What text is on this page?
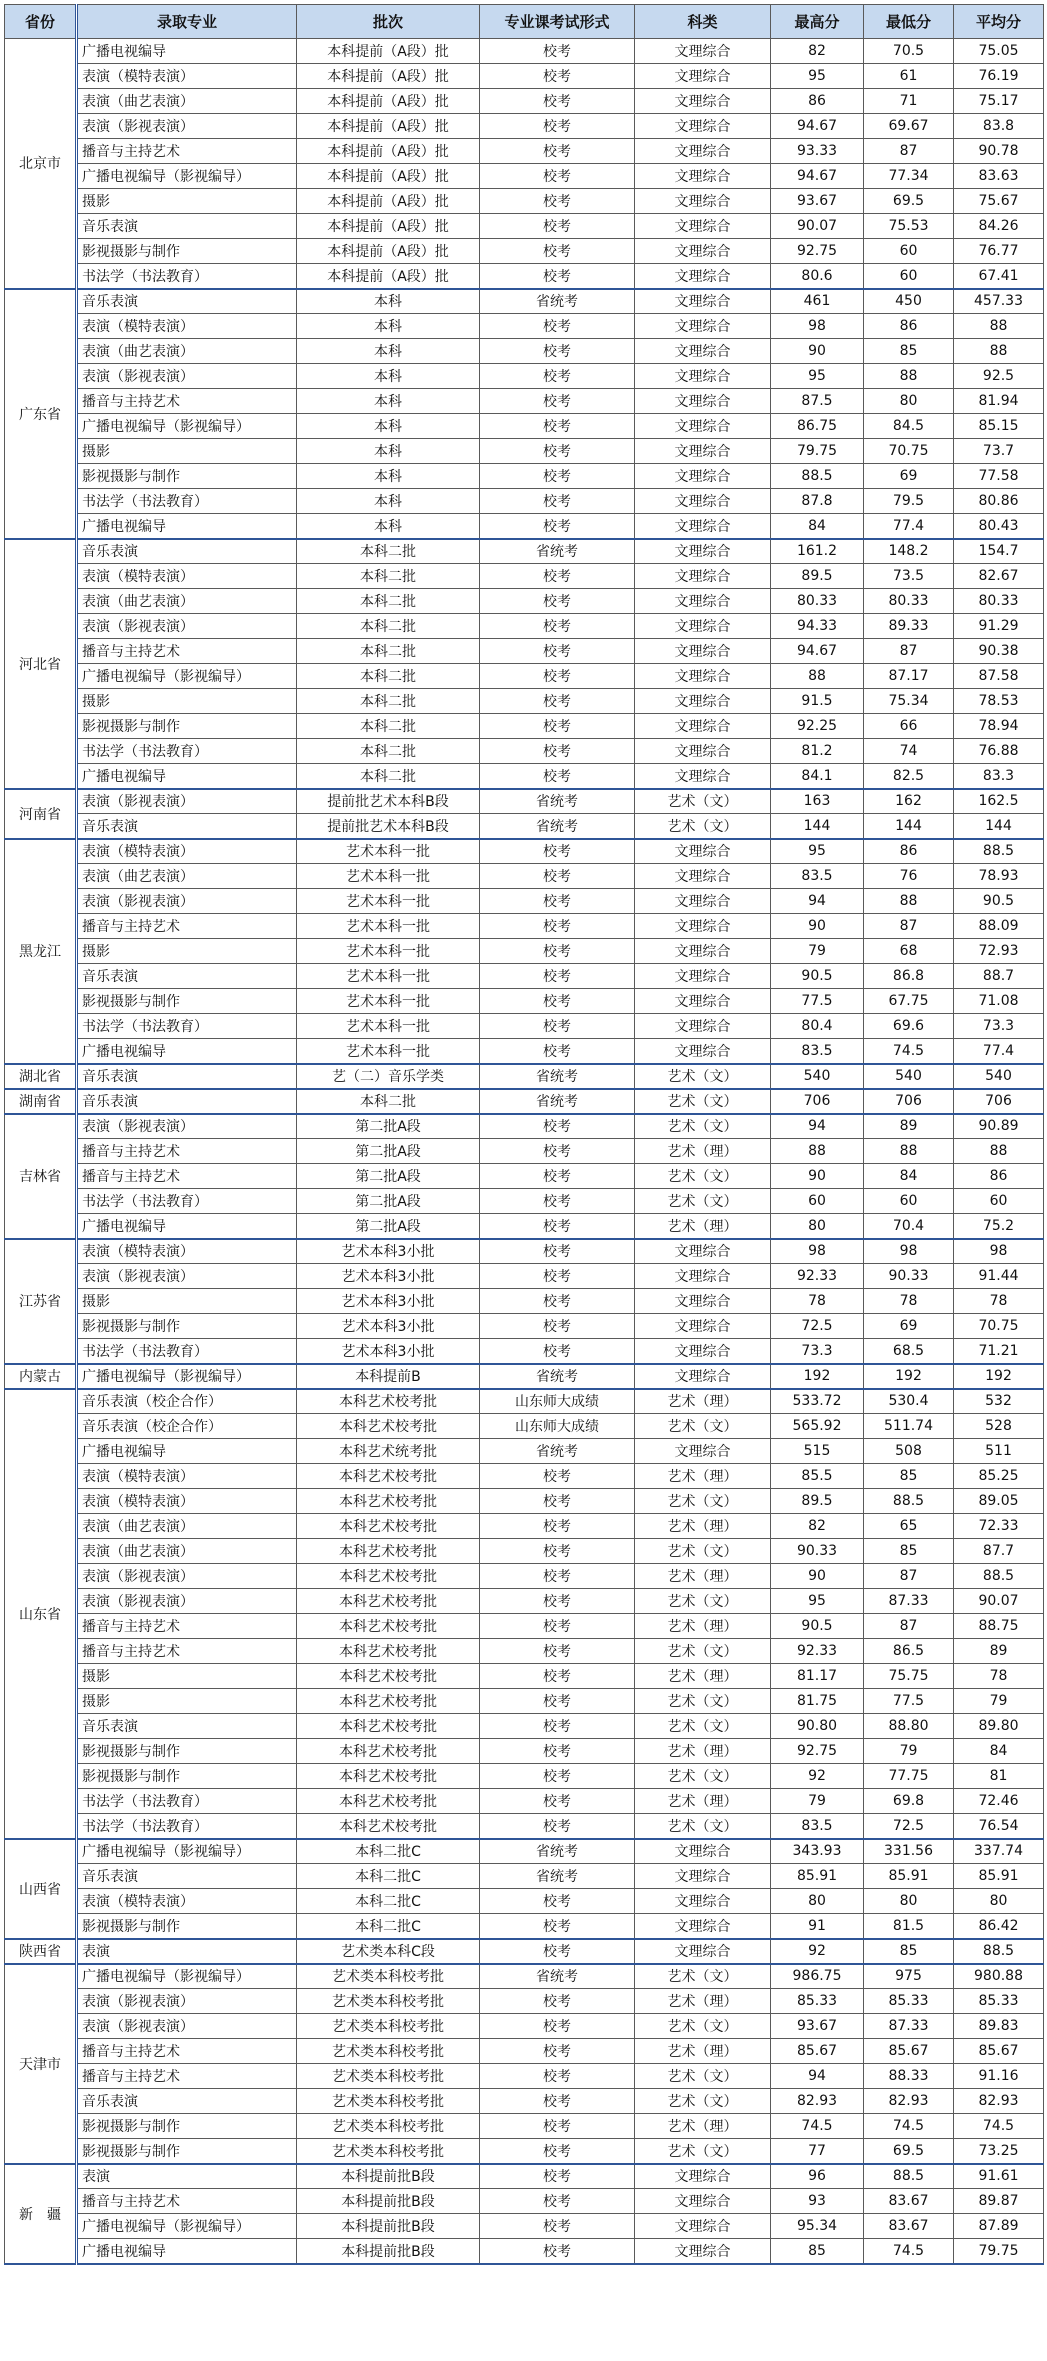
省份	录取专业	批次	专业课考试形式	科类	最高分	最低分	平均分
北京市	广播电视编导	本科提前（A段）批	校考	文理综合	82	70.5	75.05
	表演（模特表演）	本科提前（A段）批	校考	文理综合	95	61	76.19
	表演（曲艺表演）	本科提前（A段）批	校考	文理综合	86	71	75.17
	表演（影视表演）	本科提前（A段）批	校考	文理综合	94.67	69.67	83.8
	播音与主持艺术	本科提前（A段）批	校考	文理综合	93.33	87	90.78
	广播电视编导（影视编导）	本科提前（A段）批	校考	文理综合	94.67	77.34	83.63
	摄影	本科提前（A段）批	校考	文理综合	93.67	69.5	75.67
	音乐表演	本科提前（A段）批	校考	文理综合	90.07	75.53	84.26
	影视摄影与制作	本科提前（A段）批	校考	文理综合	92.75	60	76.77
	书法学（书法教育）	本科提前（A段）批	校考	文理综合	80.6	60	67.41
广东省	音乐表演	本科	省统考	文理综合	461	450	457.33
	表演（模特表演）	本科	校考	文理综合	98	86	88
	表演（曲艺表演）	本科	校考	文理综合	90	85	88
	表演（影视表演）	本科	校考	文理综合	95	88	92.5
	播音与主持艺术	本科	校考	文理综合	87.5	80	81.94
	广播电视编导（影视编导）	本科	校考	文理综合	86.75	84.5	85.15
	摄影	本科	校考	文理综合	79.75	70.75	73.7
	影视摄影与制作	本科	校考	文理综合	88.5	69	77.58
	书法学（书法教育）	本科	校考	文理综合	87.8	79.5	80.86
	广播电视编导	本科	校考	文理综合	84	77.4	80.43
河北省	音乐表演	本科二批	省统考	文理综合	161.2	148.2	154.7
	表演（模特表演）	本科二批	校考	文理综合	89.5	73.5	82.67
	表演（曲艺表演）	本科二批	校考	文理综合	80.33	80.33	80.33
	表演（影视表演）	本科二批	校考	文理综合	94.33	89.33	91.29
	播音与主持艺术	本科二批	校考	文理综合	94.67	87	90.38
	广播电视编导（影视编导）	本科二批	校考	文理综合	88	87.17	87.58
	摄影	本科二批	校考	文理综合	91.5	75.34	78.53
	影视摄影与制作	本科二批	校考	文理综合	92.25	66	78.94
	书法学（书法教育）	本科二批	校考	文理综合	81.2	74	76.88
	广播电视编导	本科二批	校考	文理综合	84.1	82.5	83.3
河南省	表演（影视表演）	提前批艺术本科B段	省统考	艺术（文）	163	162	162.5
	音乐表演	提前批艺术本科B段	省统考	艺术（文）	144	144	144
黑龙江	表演（模特表演）	艺术本科一批	校考	文理综合	95	86	88.5
	表演（曲艺表演）	艺术本科一批	校考	文理综合	83.5	76	78.93
	表演（影视表演）	艺术本科一批	校考	文理综合	94	88	90.5
	播音与主持艺术	艺术本科一批	校考	文理综合	90	87	88.09
	摄影	艺术本科一批	校考	文理综合	79	68	72.93
	音乐表演	艺术本科一批	校考	文理综合	90.5	86.8	88.7
	影视摄影与制作	艺术本科一批	校考	文理综合	77.5	67.75	71.08
	书法学（书法教育）	艺术本科一批	校考	文理综合	80.4	69.6	73.3
	广播电视编导	艺术本科一批	校考	文理综合	83.5	74.5	77.4
湖北省	音乐表演	艺（二）音乐学类	省统考	艺术（文）	540	540	540
湖南省	音乐表演	本科二批	省统考	艺术（文）	706	706	706
吉林省	表演（影视表演）	第二批A段	校考	艺术（文）	94	89	90.89
	播音与主持艺术	第二批A段	校考	艺术（理）	88	88	88
	播音与主持艺术	第二批A段	校考	艺术（文）	90	84	86
	书法学（书法教育）	第二批A段	校考	艺术（文）	60	60	60
	广播电视编导	第二批A段	校考	艺术（理）	80	70.4	75.2
江苏省	表演（模特表演）	艺术本科3小批	校考	文理综合	98	98	98
	表演（影视表演）	艺术本科3小批	校考	文理综合	92.33	90.33	91.44
	摄影	艺术本科3小批	校考	文理综合	78	78	78
	影视摄影与制作	艺术本科3小批	校考	文理综合	72.5	69	70.75
	书法学（书法教育）	艺术本科3小批	校考	文理综合	73.3	68.5	71.21
内蒙古	广播电视编导（影视编导）	本科提前B	省统考	文理综合	192	192	192
山东省	音乐表演（校企合作）	本科艺术校考批	山东师大成绩	艺术（理）	533.72	530.4	532
	音乐表演（校企合作）	本科艺术校考批	山东师大成绩	艺术（文）	565.92	511.74	528
	广播电视编导	本科艺术统考批	省统考	文理综合	515	508	511
	表演（模特表演）	本科艺术校考批	校考	艺术（理）	85.5	85	85.25
	表演（模特表演）	本科艺术校考批	校考	艺术（文）	89.5	88.5	89.05
	表演（曲艺表演）	本科艺术校考批	校考	艺术（理）	82	65	72.33
	表演（曲艺表演）	本科艺术校考批	校考	艺术（文）	90.33	85	87.7
	表演（影视表演）	本科艺术校考批	校考	艺术（理）	90	87	88.5
	表演（影视表演）	本科艺术校考批	校考	艺术（文）	95	87.33	90.07
	播音与主持艺术	本科艺术校考批	校考	艺术（理）	90.5	87	88.75
	播音与主持艺术	本科艺术校考批	校考	艺术（文）	92.33	86.5	89
	摄影	本科艺术校考批	校考	艺术（理）	81.17	75.75	78
	摄影	本科艺术校考批	校考	艺术（文）	81.75	77.5	79
	音乐表演	本科艺术校考批	校考	艺术（文）	90.80	88.80	89.80
	影视摄影与制作	本科艺术校考批	校考	艺术（理）	92.75	79	84
	影视摄影与制作	本科艺术校考批	校考	艺术（文）	92	77.75	81
	书法学（书法教育）	本科艺术校考批	校考	艺术（理）	79	69.8	72.46
	书法学（书法教育）	本科艺术校考批	校考	艺术（文）	83.5	72.5	76.54
山西省	广播电视编导（影视编导）	本科二批C	省统考	文理综合	343.93	331.56	337.74
	音乐表演	本科二批C	省统考	文理综合	85.91	85.91	85.91
	表演（模特表演）	本科二批C	校考	文理综合	80	80	80
	影视摄影与制作	本科二批C	校考	文理综合	91	81.5	86.42
陕西省	表演	艺术类本科C段	校考	文理综合	92	85	88.5
天津市	广播电视编导（影视编导）	艺术类本科校考批	省统考	艺术（文）	986.75	975	980.88
	表演（影视表演）	艺术类本科校考批	校考	艺术（理）	85.33	85.33	85.33
	表演（影视表演）	艺术类本科校考批	校考	艺术（文）	93.67	87.33	89.83
	播音与主持艺术	艺术类本科校考批	校考	艺术（理）	85.67	85.67	85.67
	播音与主持艺术	艺术类本科校考批	校考	艺术（文）	94	88.33	91.16
	音乐表演	艺术类本科校考批	校考	艺术（文）	82.93	82.93	82.93
	影视摄影与制作	艺术类本科校考批	校考	艺术（理）	74.5	74.5	74.5
	影视摄影与制作	艺术类本科校考批	校考	艺术（文）	77	69.5	73.25
新　疆	表演	本科提前批B段	校考	文理综合	96	88.5	91.61
	播音与主持艺术	本科提前批B段	校考	文理综合	93	83.67	89.87
	广播电视编导（影视编导）	本科提前批B段	校考	文理综合	95.34	83.67	87.89
	广播电视编导	本科提前批B段	校考	文理综合	85	74.5	79.75
